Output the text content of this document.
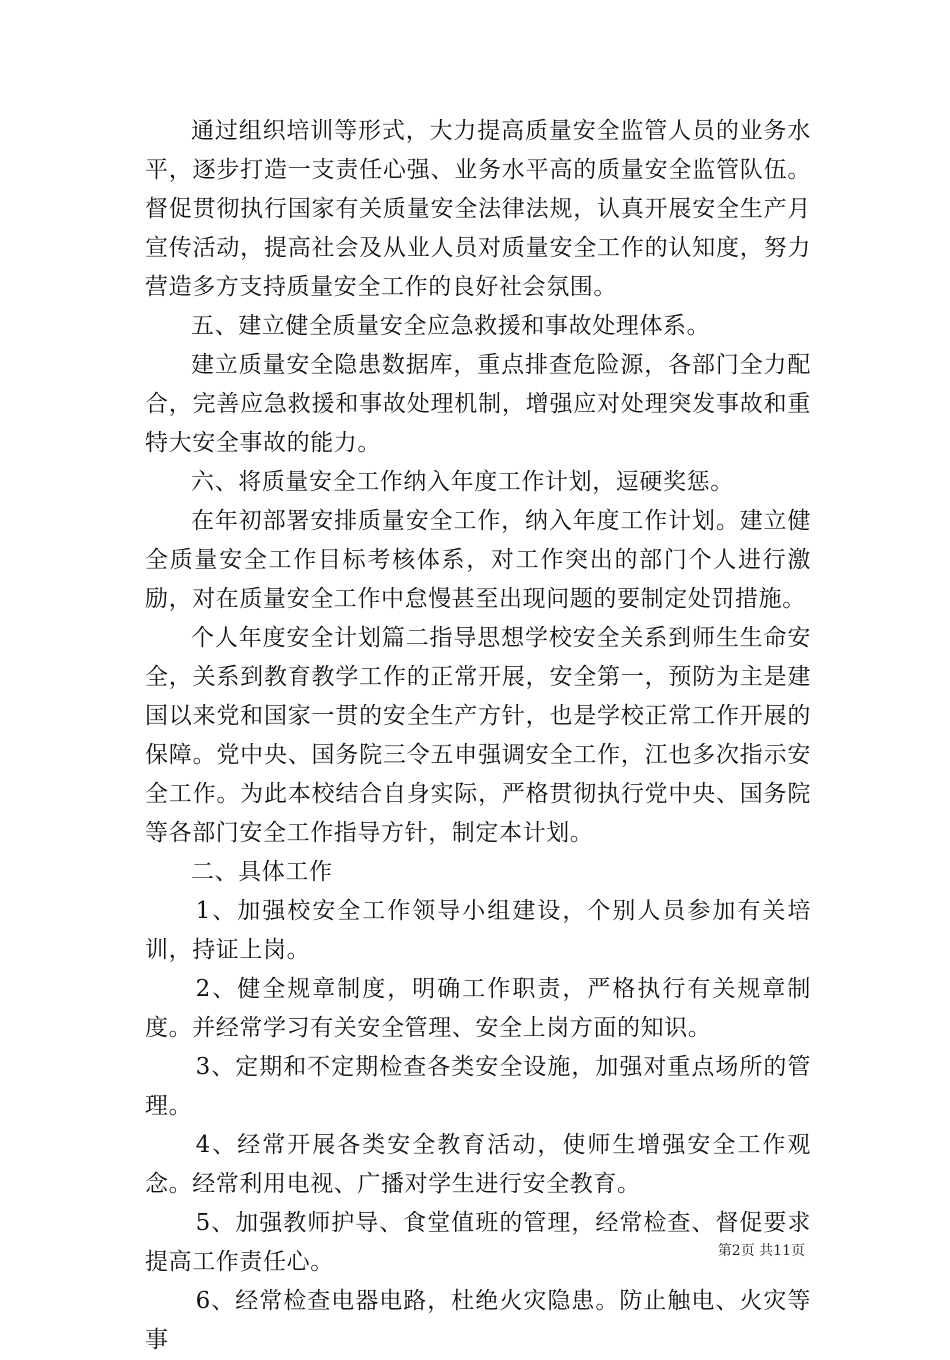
通过组织培训等形式，大力提高质量安全监管人员的业务水平，逐步打造一支责任心强、业务水平高的质量安全监管队伍。督促贯彻执行国家有关质量安全法律法规，认真开展安全生产月宣传活动，提高社会及从业人员对质量安全工作的认知度，努力营造多方支持质量安全工作的良好社会氛围。

五、建立健全质量安全应急救援和事故处理体系。

建立质量安全隐患数据库，重点排查危险源，各部门全力配合，完善应急救援和事故处理机制，增强应对处理突发事故和重特大安全事故的能力。

六、将质量安全工作纳入年度工作计划，逗硬奖惩。

在年初部署安排质量安全工作，纳入年度工作计划。建立健全质量安全工作目标考核体系，对工作突出的部门个人进行激励，对在质量安全工作中怠慢甚至出现问题的要制定处罚措施。

个人年度安全计划篇二指导思想学校安全关系到师生生命安全，关系到教育教学工作的正常开展，安全第一，预防为主是建国以来党和国家一贯的安全生产方针，也是学校正常工作开展的保障。党中央、国务院三令五申强调安全工作，江也多次指示安全工作。为此本校结合自身实际，严格贯彻执行党中央、国务院等各部门安全工作指导方针，制定本计划。

二、具体工作

1、加强校安全工作领导小组建设，个别人员参加有关培训，持证上岗。

2、健全规章制度，明确工作职责，严格执行有关规章制度。并经常学习有关安全管理、安全上岗方面的知识。

3、定期和不定期检查各类安全设施，加强对重点场所的管理。

4、经常开展各类安全教育活动，使师生增强安全工作观念。经常利用电视、广播对学生进行安全教育。

5、加强教师护导、食堂值班的管理，经常检查、督促要求提高工作责任心。

6、经常检查电器电路，杜绝火灾隐患。防止触电、火灾等事

第2页 共11页
